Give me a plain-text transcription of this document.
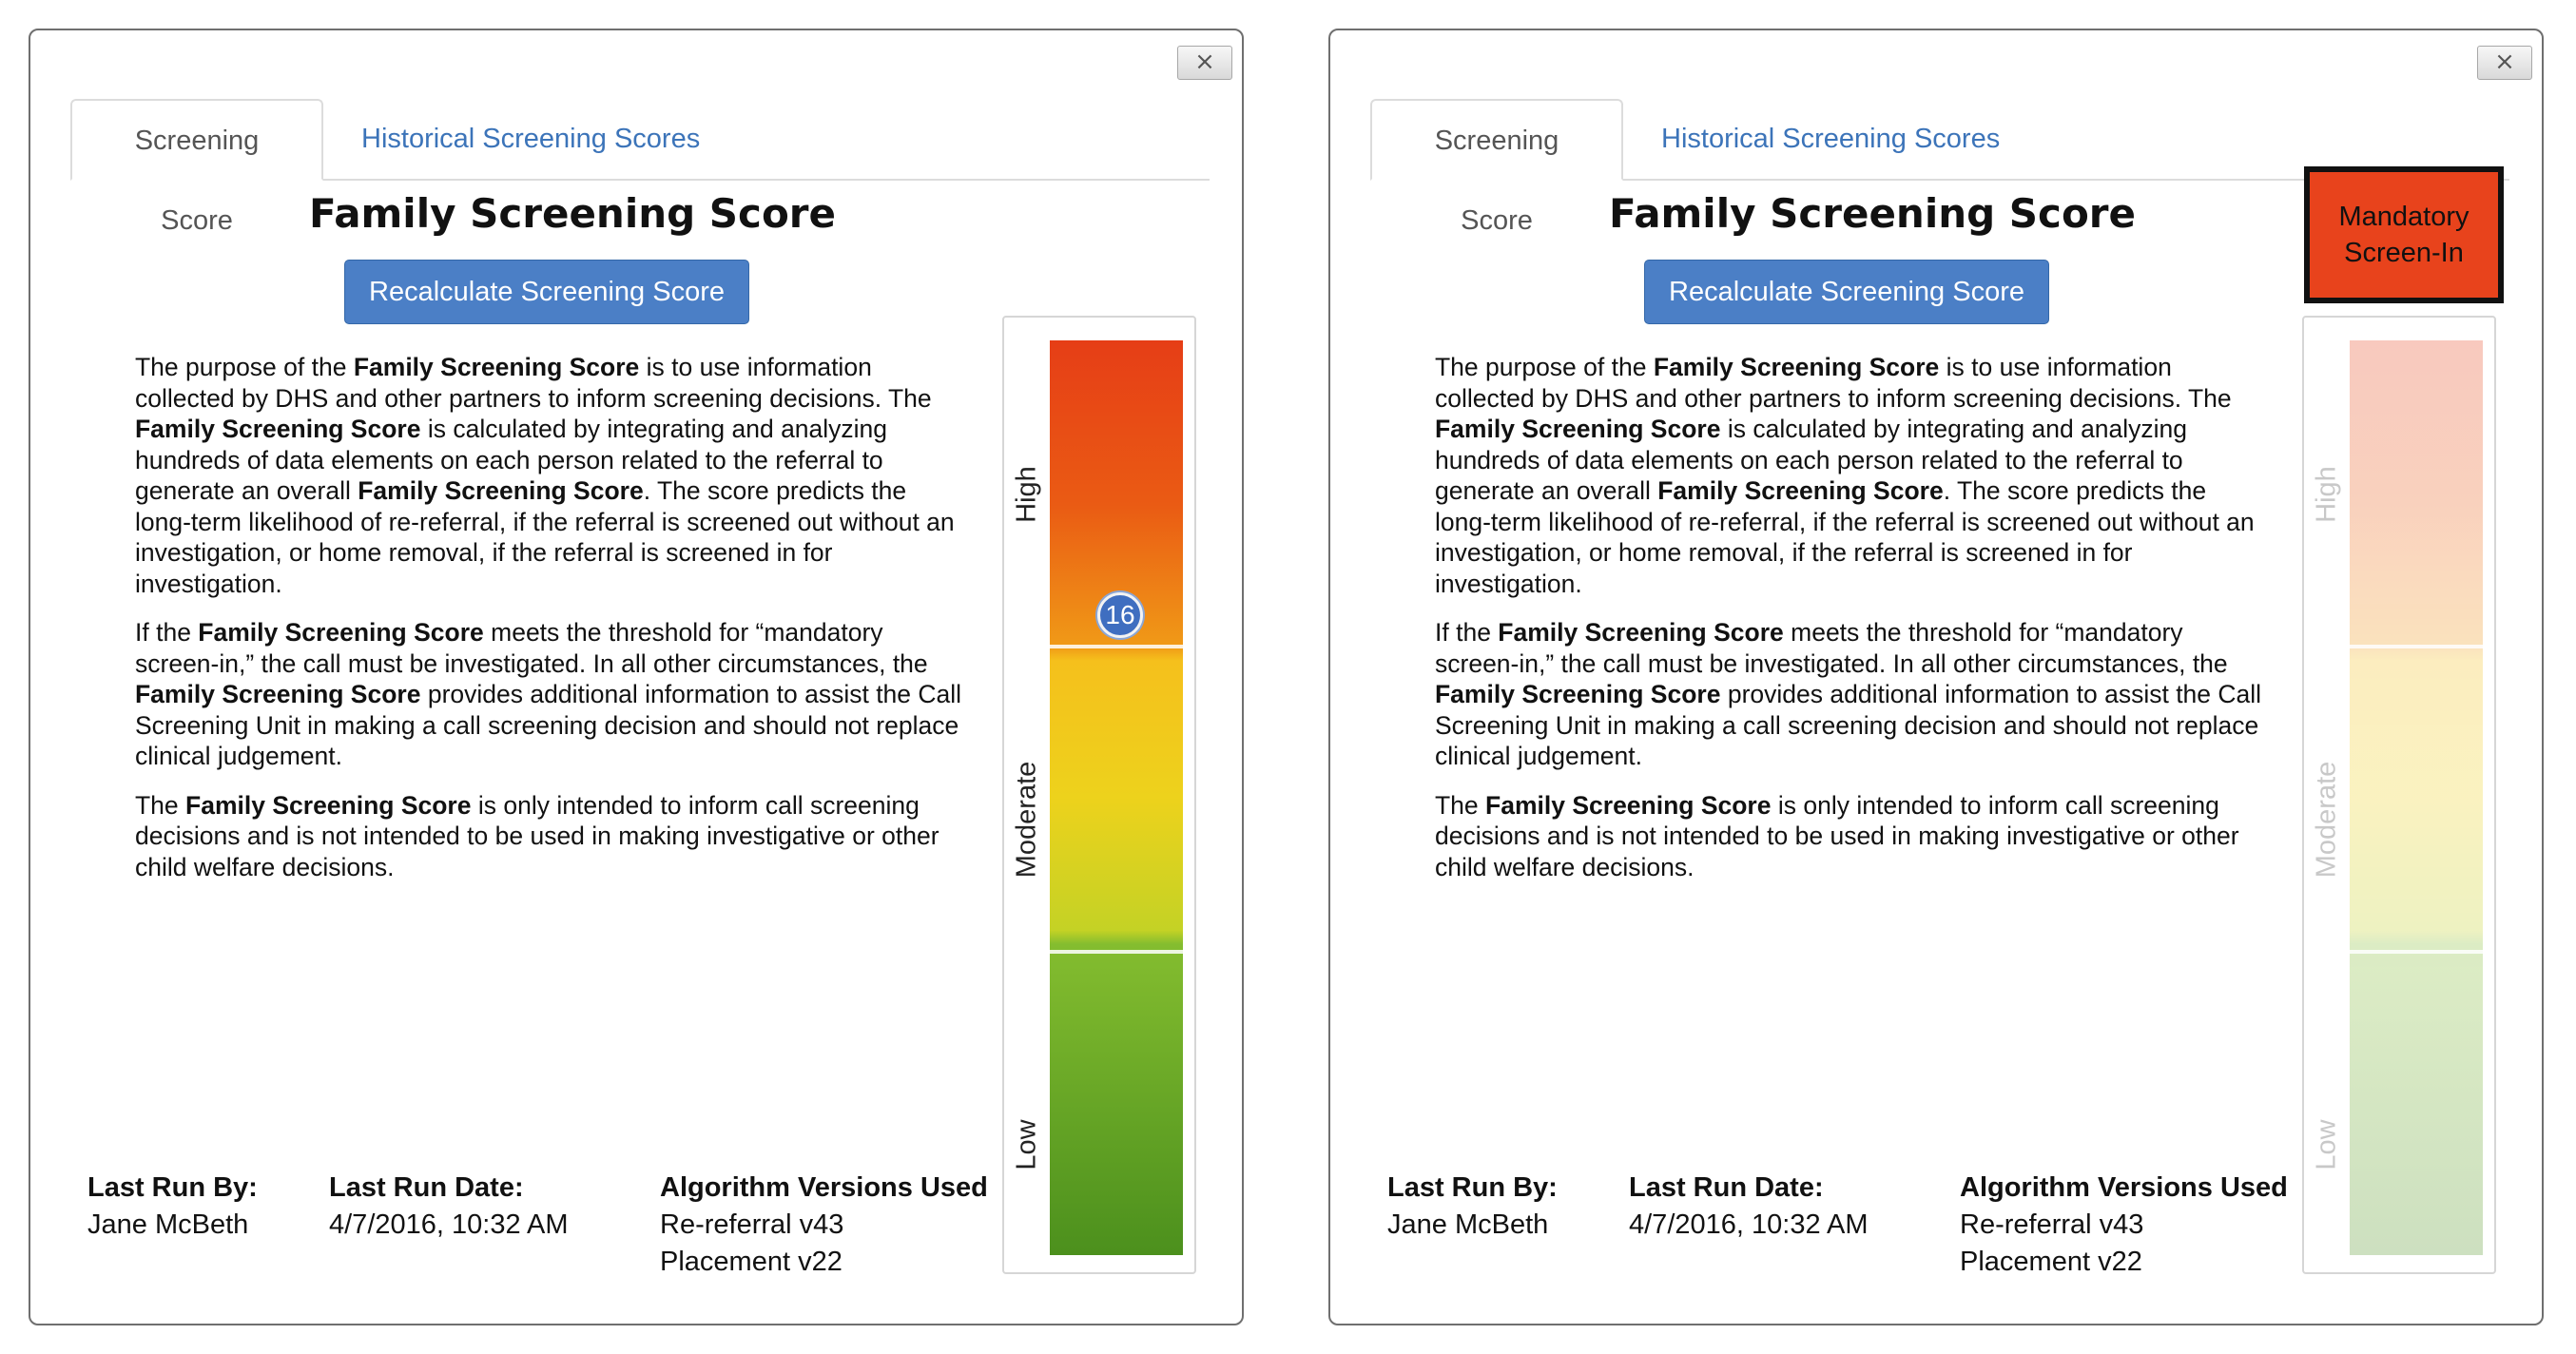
×
Screening Score
Historical Screening Scores
Family Screening Score
Recalculate Screening Score

The purpose of the Family Screening Score is to use information collected by DHS and other partners to inform screening decisions. The Family Screening Score is calculated by integrating and analyzing hundreds of data elements on each person related to the referral to generate an overall Family Screening Score. The score predicts the long-term likelihood of re-referral, if the referral is screened out without an investigation, or home removal, if the referral is screened in for investigation.

If the Family Screening Score meets the threshold for “mandatory screen-in,” the call must be investigated. In all other circumstances, the Family Screening Score provides additional information to assist the Call Screening Unit in making a call screening decision and should not replace clinical judgement.

The Family Screening Score is only intended to inform call screening decisions and is not intended to be used in making investigative or other child welfare decisions.

High
Moderate
Low
16
Last Run By:
Jane McBeth
Last Run Date:
4/7/2016, 10:32 AM
Algorithm Versions Used
Re-referral v43
Placement v22
×
Screening Score
Historical Screening Scores
Family Screening Score
Recalculate Screening Score

The purpose of the Family Screening Score is to use information collected by DHS and other partners to inform screening decisions. The Family Screening Score is calculated by integrating and analyzing hundreds of data elements on each person related to the referral to generate an overall Family Screening Score. The score predicts the long-term likelihood of re-referral, if the referral is screened out without an investigation, or home removal, if the referral is screened in for investigation.

If the Family Screening Score meets the threshold for “mandatory screen-in,” the call must be investigated. In all other circumstances, the Family Screening Score provides additional information to assist the Call Screening Unit in making a call screening decision and should not replace clinical judgement.

The Family Screening Score is only intended to inform call screening decisions and is not intended to be used in making investigative or other child welfare decisions.

Mandatory
Screen-In
High
Moderate
Low
Last Run By:
Jane McBeth
Last Run Date:
4/7/2016, 10:32 AM
Algorithm Versions Used
Re-referral v43
Placement v22
